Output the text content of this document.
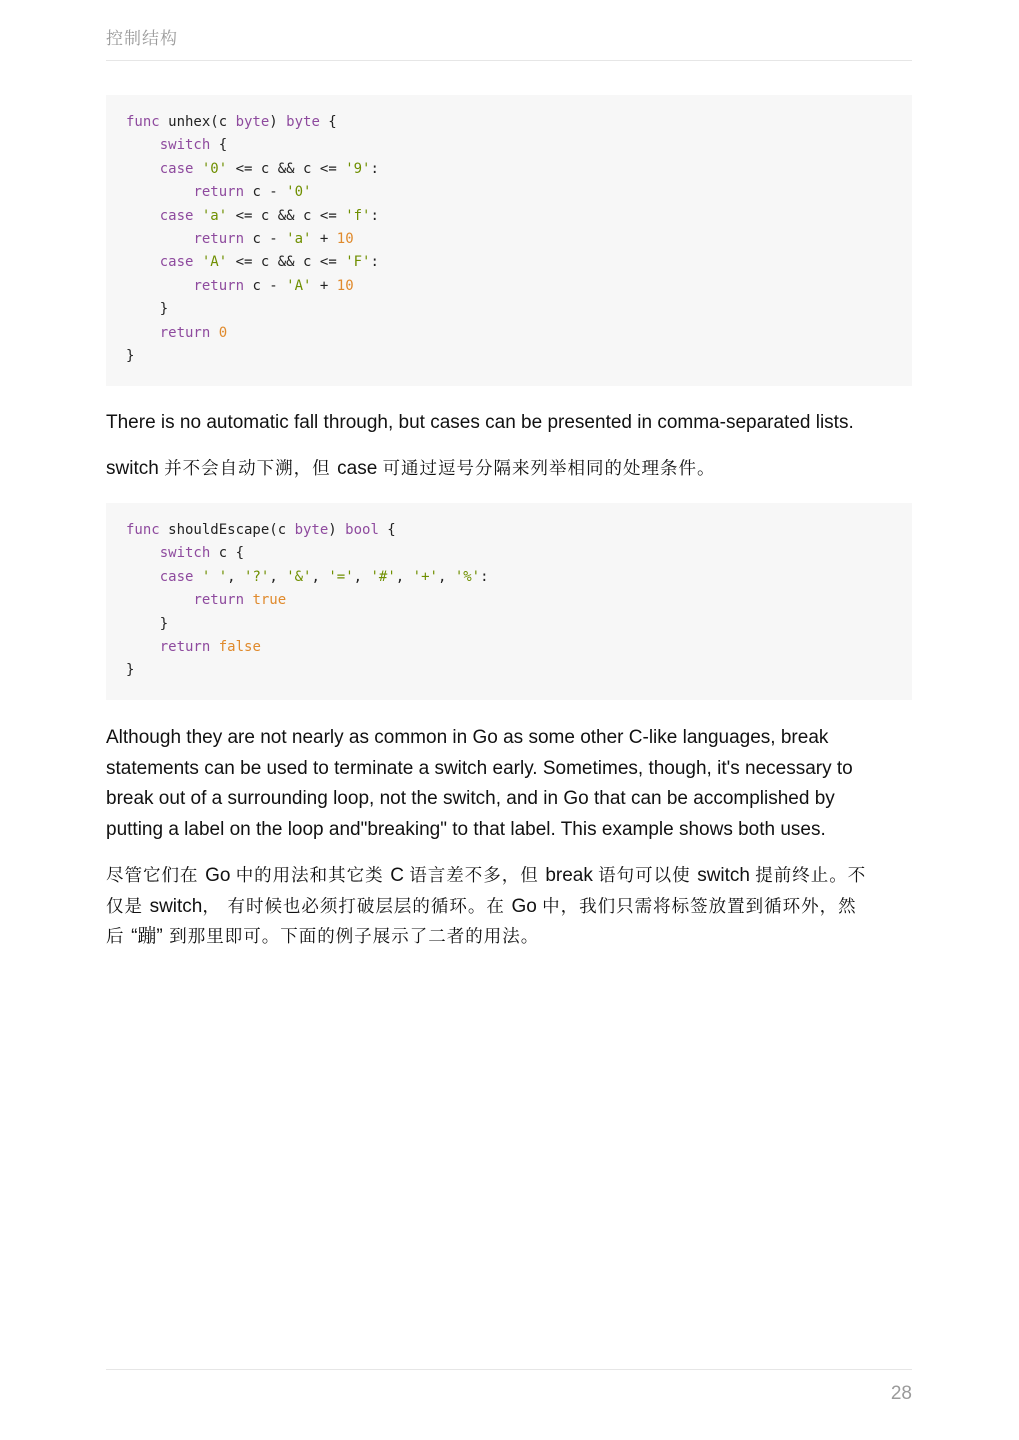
控制结构
func unhex(c byte) byte {
switch {
case '0' <= c && c <= '9':
return c - '0'
case 'a' <= c && c <= 'f':
return c - 'a' + 10
case 'A' <= c && c <= 'F':
return c - 'A' + 10
}
return 0
}

There is no automatic fall through, but cases can be presented in comma-separated lists.

switch 并不会自动下溯，但 case 可通过逗号分隔来列举相同的处理条件。

func shouldEscape(c byte) bool {
switch c {
case ' ', '?', '&', '=', '#', '+', '%':
return true
}
return false
}
Although they are not nearly as common in Go as some other C-like languages, break
statements can be used to terminate a switch early. Sometimes, though, it's necessary to
break out of a surrounding loop, not the switch, and in Go that can be accomplished by
putting a label on the loop and"breaking" to that label. This example shows both uses.
尽管它们在 Go 中的用法和其它类 C 语言差不多，但 break 语句可以使 switch 提前终止。不
仅是 switch， 有时候也必须打破层层的循环。在 Go 中，我们只需将标签放置到循环外，然
后 “蹦” 到那里即可。下面的例子展示了二者的用法。
28
